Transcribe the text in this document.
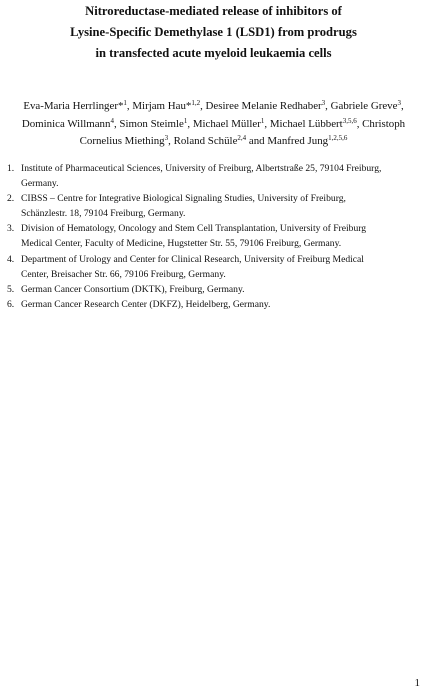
Nitroreductase-mediated release of inhibitors of
Lysine-Specific Demethylase 1 (LSD1) from prodrugs
in transfected acute myeloid leukaemia cells
Eva-Maria Herrlinger*$^1$, Mirjam Hau*$^{1,2}$, Desiree Melanie Redhaber$^3$, Gabriele Greve$^3$,
Dominica Willmann$^4$, Simon Steimle$^1$, Michael Müller$^1$, Michael Lübbert$^{3,5,6}$, Christoph
Cornelius Miething$^3$, Roland Schüle$^{2,4}$ and Manfred Jung$^{1,2,5,6}$
1. Institute of Pharmaceutical Sciences, University of Freiburg, Albertstraße 25, 79104 Freiburg,
Germany.
2. CIBSS – Centre for Integrative Biological Signaling Studies, University of Freiburg,
Schänzlestr. 18, 79104 Freiburg, Germany.
3. Division of Hematology, Oncology and Stem Cell Transplantation, University of Freiburg
Medical Center, Faculty of Medicine, Hugstetter Str. 55, 79106 Freiburg, Germany.
4. Department of Urology and Center for Clinical Research, University of Freiburg Medical
Center, Breisacher Str. 66, 79106 Freiburg, Germany.
5. German Cancer Consortium (DKTK), Freiburg, Germany.
6. German Cancer Research Center (DKFZ), Heidelberg, Germany.
1
